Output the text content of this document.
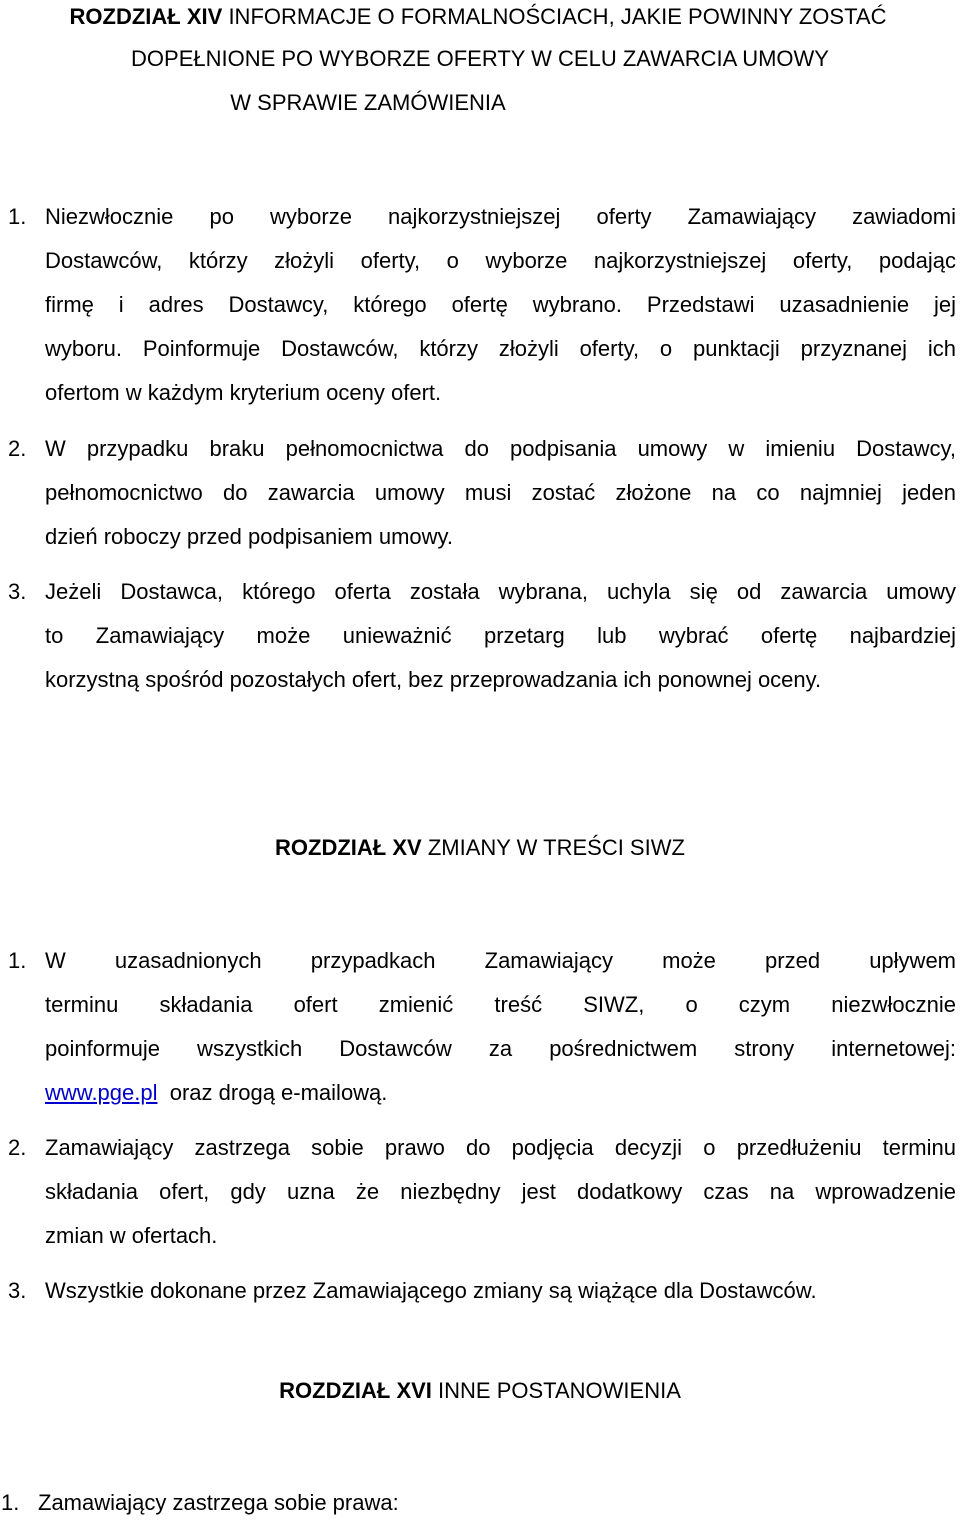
ROZDZIAŁ XIV INFORMACJE O FORMALNOŚCIACH, JAKIE POWINNY ZOSTAĆ
DOPEŁNIONE PO WYBORZE OFERTY W CELU ZAWARCIA UMOWY
W SPRAWIE ZAMÓWIENIA
1. Niezwłocznie po wyborze najkorzystniejszej oferty Zamawiający zawiadomi
Dostawców, którzy złożyli oferty, o wyborze najkorzystniejszej oferty, podając
firmę i adres Dostawcy, którego ofertę wybrano. Przedstawi uzasadnienie jej
wyboru. Poinformuje Dostawców, którzy złożyli oferty, o punktacji przyznanej ich
ofertom w każdym kryterium oceny ofert.
2. W przypadku braku pełnomocnictwa do podpisania umowy w imieniu Dostawcy,
pełnomocnictwo do zawarcia umowy musi zostać złożone na co najmniej jeden
dzień roboczy przed podpisaniem umowy.
3. Jeżeli Dostawca, którego oferta została wybrana, uchyla się od zawarcia umowy
to Zamawiający może unieważnić przetarg lub wybrać ofertę najbardziej
korzystną spośród pozostałych ofert, bez przeprowadzania ich ponownej oceny.
ROZDZIAŁ XV ZMIANY W TREŚCI SIWZ
1. W uzasadnionych przypadkach Zamawiający może przed upływem
terminu składania ofert zmienić treść SIWZ, o czym niezwłocznie
poinformuje wszystkich Dostawców za pośrednictwem strony internetowej:
www.pge.pl oraz drogą e-mailową.
2. Zamawiający zastrzega sobie prawo do podjęcia decyzji o przedłużeniu terminu
składania ofert, gdy uzna że niezbędny jest dodatkowy czas na wprowadzenie
zmian w ofertach.
3. Wszystkie dokonane przez Zamawiającego zmiany są wiążące dla Dostawców.
ROZDZIAŁ XVI INNE POSTANOWIENIA
1. Zamawiający zastrzega sobie prawa:
